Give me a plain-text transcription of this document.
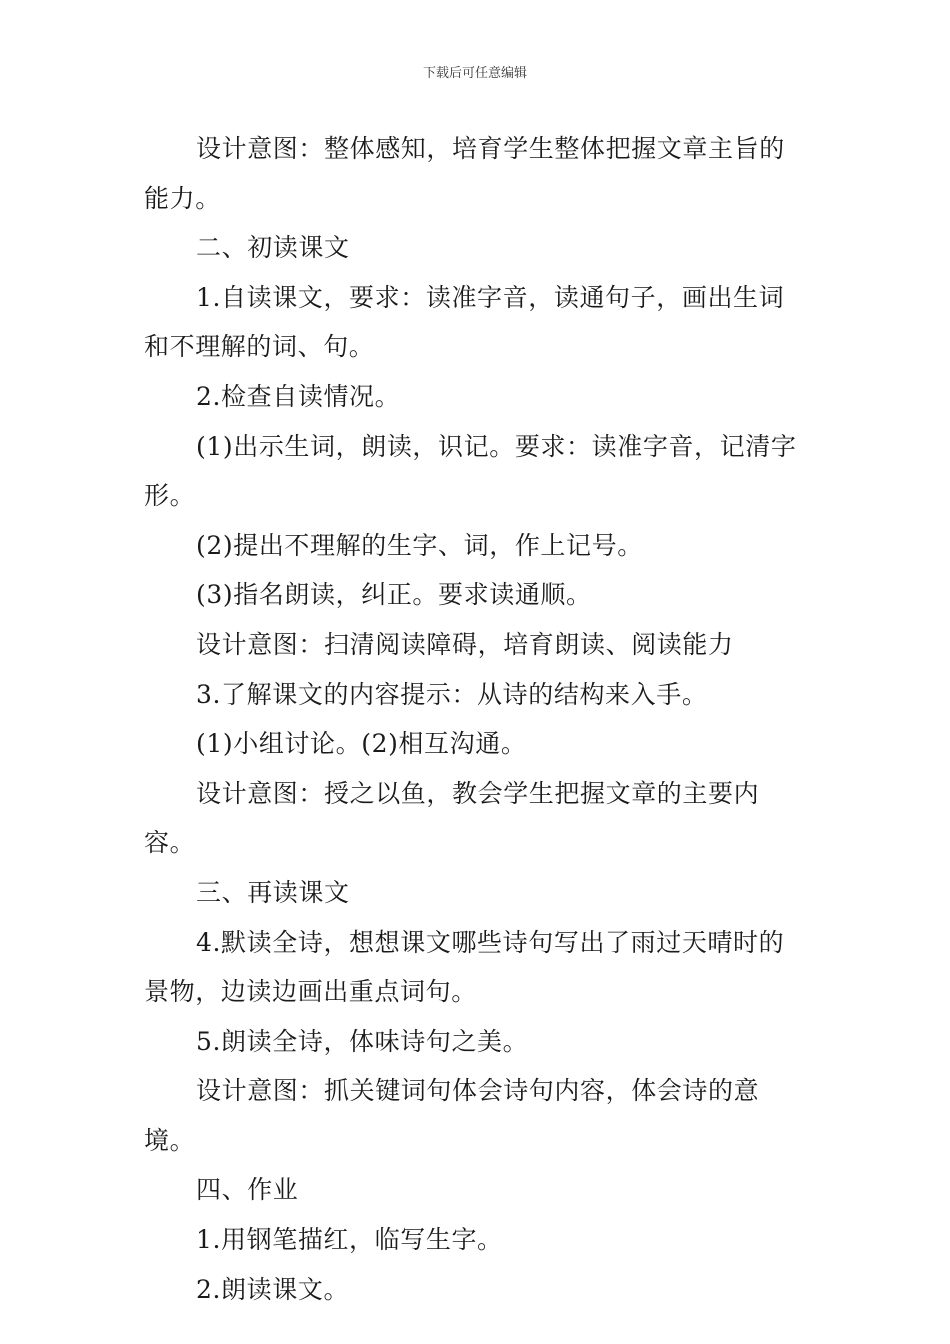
下载后可任意编辑

设计意图：整体感知，培育学生整体把握文章主旨的能力。

二、初读课文

1.自读课文，要求：读准字音，读通句子，画出生词和不理解的词、句。

2.检查自读情况。

(1)出示生词，朗读，识记。要求：读准字音，记清字形。

(2)提出不理解的生字、词，作上记号。

(3)指名朗读，纠正。要求读通顺。

设计意图：扫清阅读障碍，培育朗读、阅读能力

3.了解课文的内容提示：从诗的结构来入手。

(1)小组讨论。(2)相互沟通。

设计意图：授之以鱼，教会学生把握文章的主要内容。

三、再读课文

4.默读全诗，想想课文哪些诗句写出了雨过天晴时的景物，边读边画出重点词句。

5.朗读全诗，体味诗句之美。

设计意图：抓关键词句体会诗句内容，体会诗的意境。

四、作业

1.用钢笔描红，临写生字。

2.朗读课文。
